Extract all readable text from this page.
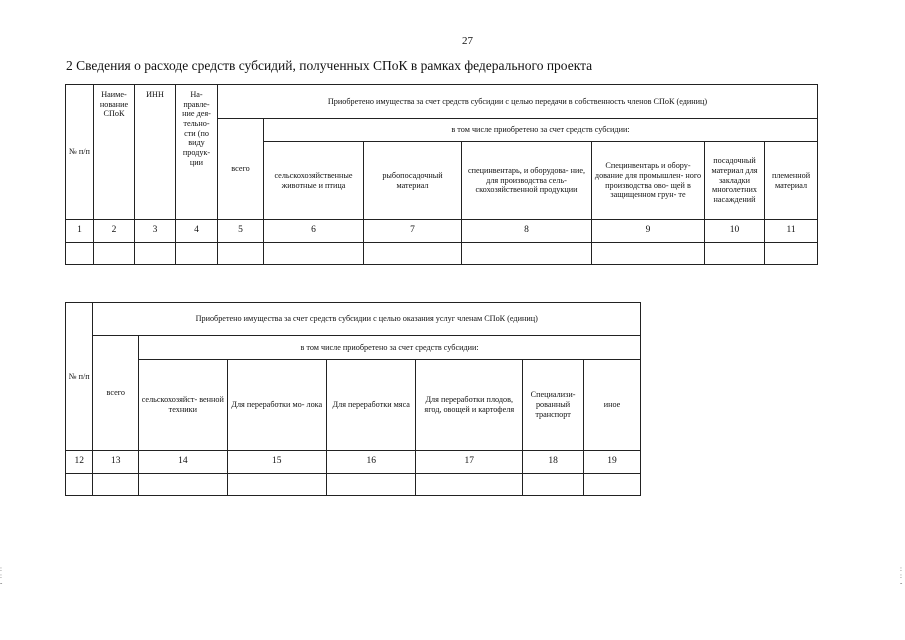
27
2 Сведения о расходе средств субсидий, полученных СПоК в рамках федерального проекта
№ п/п	Наиме- нование СПоК	ИНН	На- правле- ние дея- тельно- сти (по виду продук- ции	Приобретено имущества за счет средств субсидии с целью передачи в собственность членов СПоК (единиц)						
				всего	в том числе приобретено за счет средств субсидии:					
					сельскохозяйственные животные и птица	рыбопосадочный материал	специнвентарь, и оборудова- ние, для производства сель- скохозяйственной продукции	Специнвентарь и обору- дование для промышлен- ного производства ово- щей в защищенном грун- те	посадочный материал для закладки многолетних насаждений	племенной материал
1	2	3	4	5	6	7	8	9	10	11

№ п/п	Приобретено имущества за счет средств субсидии с целью оказания услуг членам СПоК (единиц)						
	всего	в том числе приобретено за счет средств субсидии:					
		сельскохозяйст- венной техники	Для переработки мо- лока	Для переработки мяса	Для переработки плодов, ягод, овощей и картофеля	Специализи- рованный транспорт	иное
12	13	14	15	16	17	18	19

:
:
-
:
:
-
